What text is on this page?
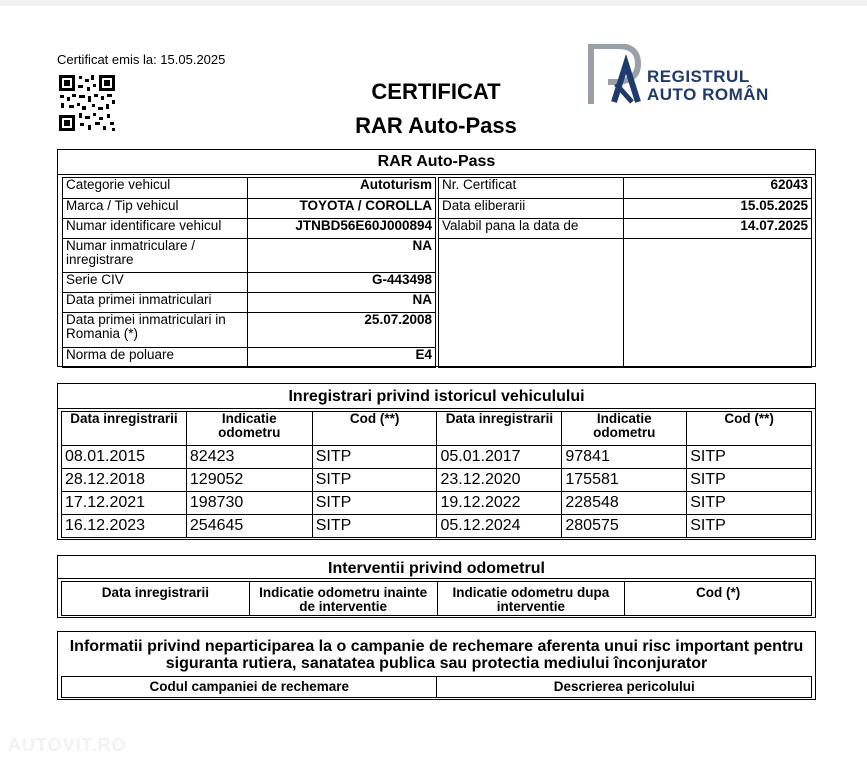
Certificat emis la: 15.05.2025
CERTIFICAT
RAR Auto-Pass
REGISTRUL
AUTO ROMÂN
RAR Auto-Pass
Categorie vehicul	Autoturism
Marca / Tip vehicul	TOYOTA / COROLLA
Numar identificare vehicul	JTNBD56E60J000894
Numar inmatriculare / inregistrare	NA
Serie CIV	G-443498
Data primei inmatriculari	NA
Data primei inmatriculari in Romania (*)	25.07.2008
Norma de poluare	E4
Nr. Certificat	62043
Data eliberarii	15.05.2025
Valabil pana la data de	14.07.2025

Inregistrari privind istoricul vehiculului
Data inregistrarii	Indicatie odometru	Cod (**)	Data inregistrarii	Indicatie odometru	Cod (**)
08.01.2015	82423	SITP	05.01.2017	97841	SITP
28.12.2018	129052	SITP	23.12.2020	175581	SITP
17.12.2021	198730	SITP	19.12.2022	228548	SITP
16.12.2023	254645	SITP	05.12.2024	280575	SITP
Interventii privind odometrul
Data inregistrarii	Indicatie odometru inainte de interventie	Indicatie odometru dupa interventie	Cod (*)
Informatii privind neparticiparea la o campanie de rechemare aferenta unui risc important pentru siguranta rutiera, sanatatea publica sau protectia mediului înconjurator
Codul campaniei de rechemare	Descrierea pericolului
AUTOVIT.RO
